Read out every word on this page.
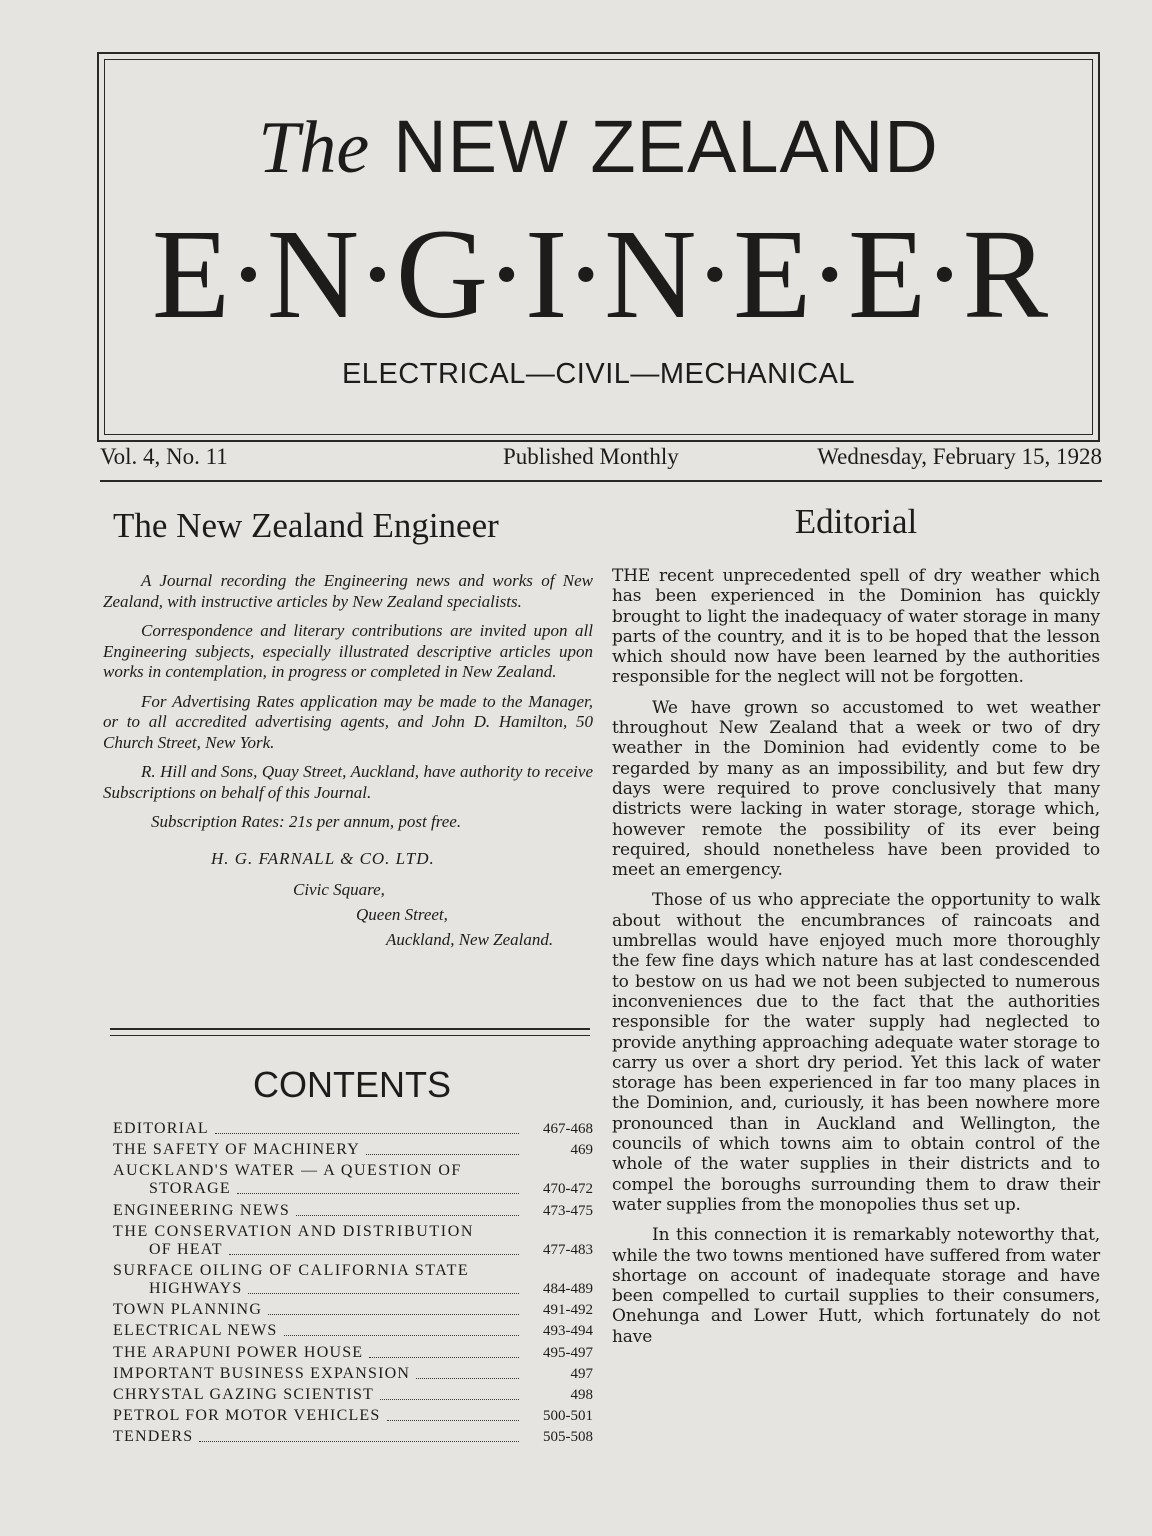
The NEW ZEALAND
E·N·G·I·N·E·E·R
ELECTRICAL—CIVIL—MECHANICAL
Vol. 4, No. 11	Published Monthly	Wednesday, February 15, 1928
The New Zealand Engineer

A Journal recording the Engineering news and works of New Zealand, with instructive articles by New Zealand specialists.

Correspondence and literary contributions are invited upon all Engineering subjects, especially illustrated descriptive articles upon works in contemplation, in progress or completed in New Zealand.

For Advertising Rates application may be made to the Manager, or to all accredited advertising agents, and John D. Hamilton, 50 Church Street, New York.

R. Hill and Sons, Quay Street, Auckland, have authority to receive Subscriptions on behalf of this Journal.

Subscription Rates: 21s per annum, post free.

H. G. FARNALL & CO. LTD.
Civic Square,
Queen Street,
Auckland, New Zealand.
CONTENTS
EDITORIAL	467-468
THE SAFETY OF MACHINERY	469
AUCKLAND'S WATER — A QUESTION OF
STORAGE	470-472
ENGINEERING NEWS	473-475
THE CONSERVATION AND DISTRIBUTION
OF HEAT	477-483
SURFACE OILING OF CALIFORNIA STATE
HIGHWAYS	484-489
TOWN PLANNING	491-492
ELECTRICAL NEWS	493-494
THE ARAPUNI POWER HOUSE	495-497
IMPORTANT BUSINESS EXPANSION	497
CHRYSTAL GAZING SCIENTIST	498
PETROL FOR MOTOR VEHICLES	500-501
TENDERS	505-508
Editorial

THE recent unprecedented spell of dry weather which has been experienced in the Dominion has quickly brought to light the inadequacy of water storage in many parts of the country, and it is to be hoped that the lesson which should now have been learned by the authorities responsible for the neglect will not be forgotten.

We have grown so accustomed to wet weather throughout New Zealand that a week or two of dry weather in the Dominion had evidently come to be regarded by many as an impossibility, and but few dry days were required to prove conclusively that many districts were lacking in water storage, storage which, however remote the possibility of its ever being required, should nonetheless have been provided to meet an emergency.

Those of us who appreciate the opportunity to walk about without the encumbrances of raincoats and umbrellas would have enjoyed much more thoroughly the few fine days which nature has at last condescended to bestow on us had we not been subjected to numerous inconveniences due to the fact that the authorities responsible for the water supply had neglected to provide anything approaching adequate water storage to carry us over a short dry period. Yet this lack of water storage has been experienced in far too many places in the Dominion, and, curiously, it has been nowhere more pronounced than in Auckland and Wellington, the councils of which towns aim to obtain control of the whole of the water supplies in their districts and to compel the boroughs surrounding them to draw their water supplies from the monopolies thus set up.

In this connection it is remarkably noteworthy that, while the two towns mentioned have suffered from water shortage on account of inadequate storage and have been compelled to curtail supplies to their consumers, Onehunga and Lower Hutt, which fortunately do not have
